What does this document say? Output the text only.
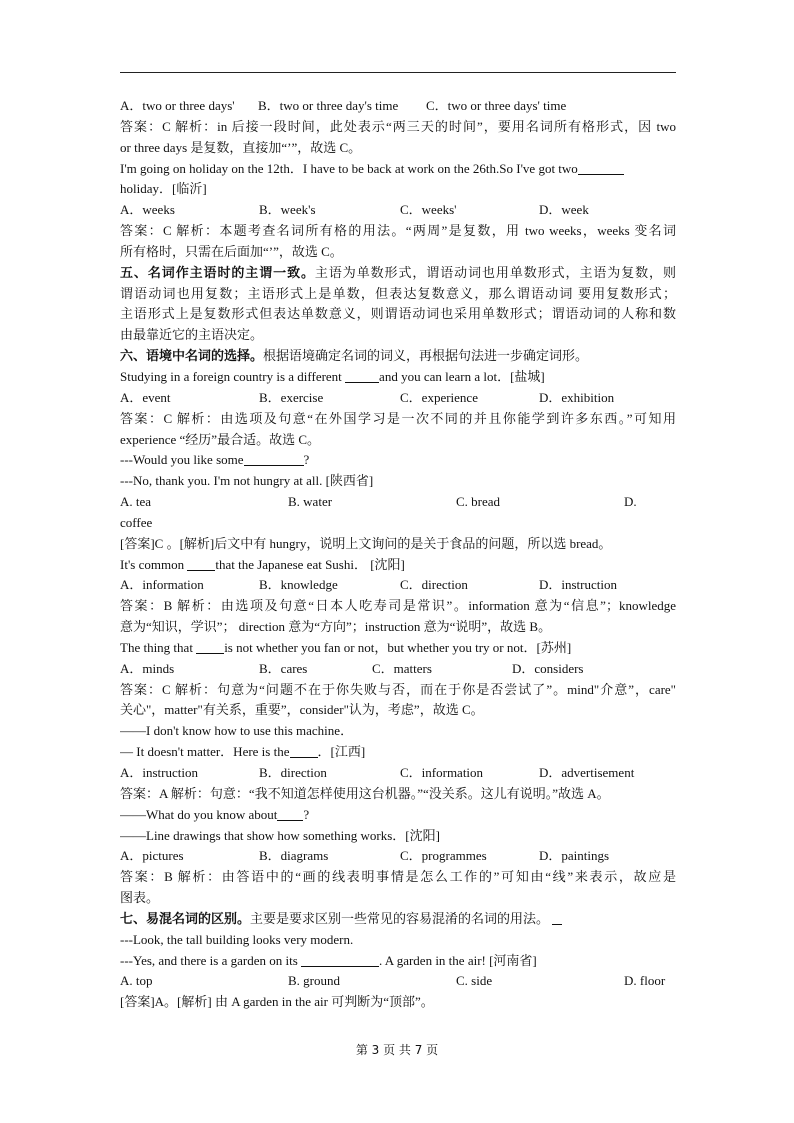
A．two or three days' B．two or three day's time C．two or three days' time
答案：C 解析：in 后接一段时间，此处表示“两三天的时间”，要用名词所有格形式，因 two
or three days 是复数，直接加“’”，故选 C。
I'm going on holiday on the 12th．I have to be back at work on the 26th.So I've got two
holiday．[临沂]
A．weeks	B．week's	C．weeks'	D．week
答案：C 解析：本题考查名词所有格的用法。“两周”是复数，用 two weeks，weeks 变名词
所有格时，只需在后面加“’”，故选 C。
五、名词作主语时的主谓一致。主语为单数形式，谓语动词也用单数形式，主语为复数，则
谓语动词也用复数；主语形式上是单数，但表达复数意义，那么谓语动词 要用复数形式；
主语形式上是复数形式但表达单数意义，则谓语动词也采用单数形式；谓语动词的人称和数
由最靠近它的主语决定。
六、语境中名词的选择。根据语境确定名词的词义，再根据句法进一步确定词形。
Studying in a foreign country is a different	and you can learn a lot．[盐城]
A．event	B．exercise	C．experience	D．exhibition
答案：C 解析：由选项及句意“在外国学习是一次不同的并且你能学到许多东西。”可知用
experience “经历”最合适。故选 C。
---Would you like some	?
---No, thank you. I'm not hungry at all. [陕西省]
A. tea	B. water	C. bread	D.
coffee
[答案]C 。[解析]后文中有 hungry，说明上文询问的是关于食品的问题，所以选 bread。
It's common that the Japanese eat Sushi． [沈阳]
A．information	B．knowledge	C．direction	D．instruction
答案：B 解析：由选项及句意“日本人吃寿司是常识”。information 意为“信息”；knowledge
意为“知识，学识”； direction 意为“方向”；instruction 意为“说明”，故选 B。
The thing that is not whether you fan or not，but whether you try or not．[苏州]
A．minds	B．cares	C．matters	D．considers
答案：C 解析：句意为“问题不在于你失败与否，而在于你是否尝试了”。mind"介意”，care"
关心"，matter"有关系，重要”，consider"认为，考虑”，故选 C。
——I don't know how to use this machine．
— It doesn't matter．Here is the ．[江西]
A．instruction	B．direction	C．information	D．advertisement
答案：A 解析：句意：“我不知道怎样使用这台机器。”“没关系。这儿有说明。”故选 A。
——What do you know about ?
——Line drawings that show how something works．[沈阳]
A．pictures	B．diagrams	C．programmes	D．paintings
答案：B 解析：由答语中的“画的线表明事情是怎么工作的”可知由“线”来表示，故应是
图表。
七、易混名词的区别。主要是要求区别一些常见的容易混淆的名词的用法。
---Look, the tall building looks very modern.
---Yes, and there is a garden on its	. A garden in the air! [河南省]
A. top	B. ground	C. side	D. floor
[答案]A。[解析] 由 A garden in the air 可判断为“顶部”。
第 3 页 共 7 页
